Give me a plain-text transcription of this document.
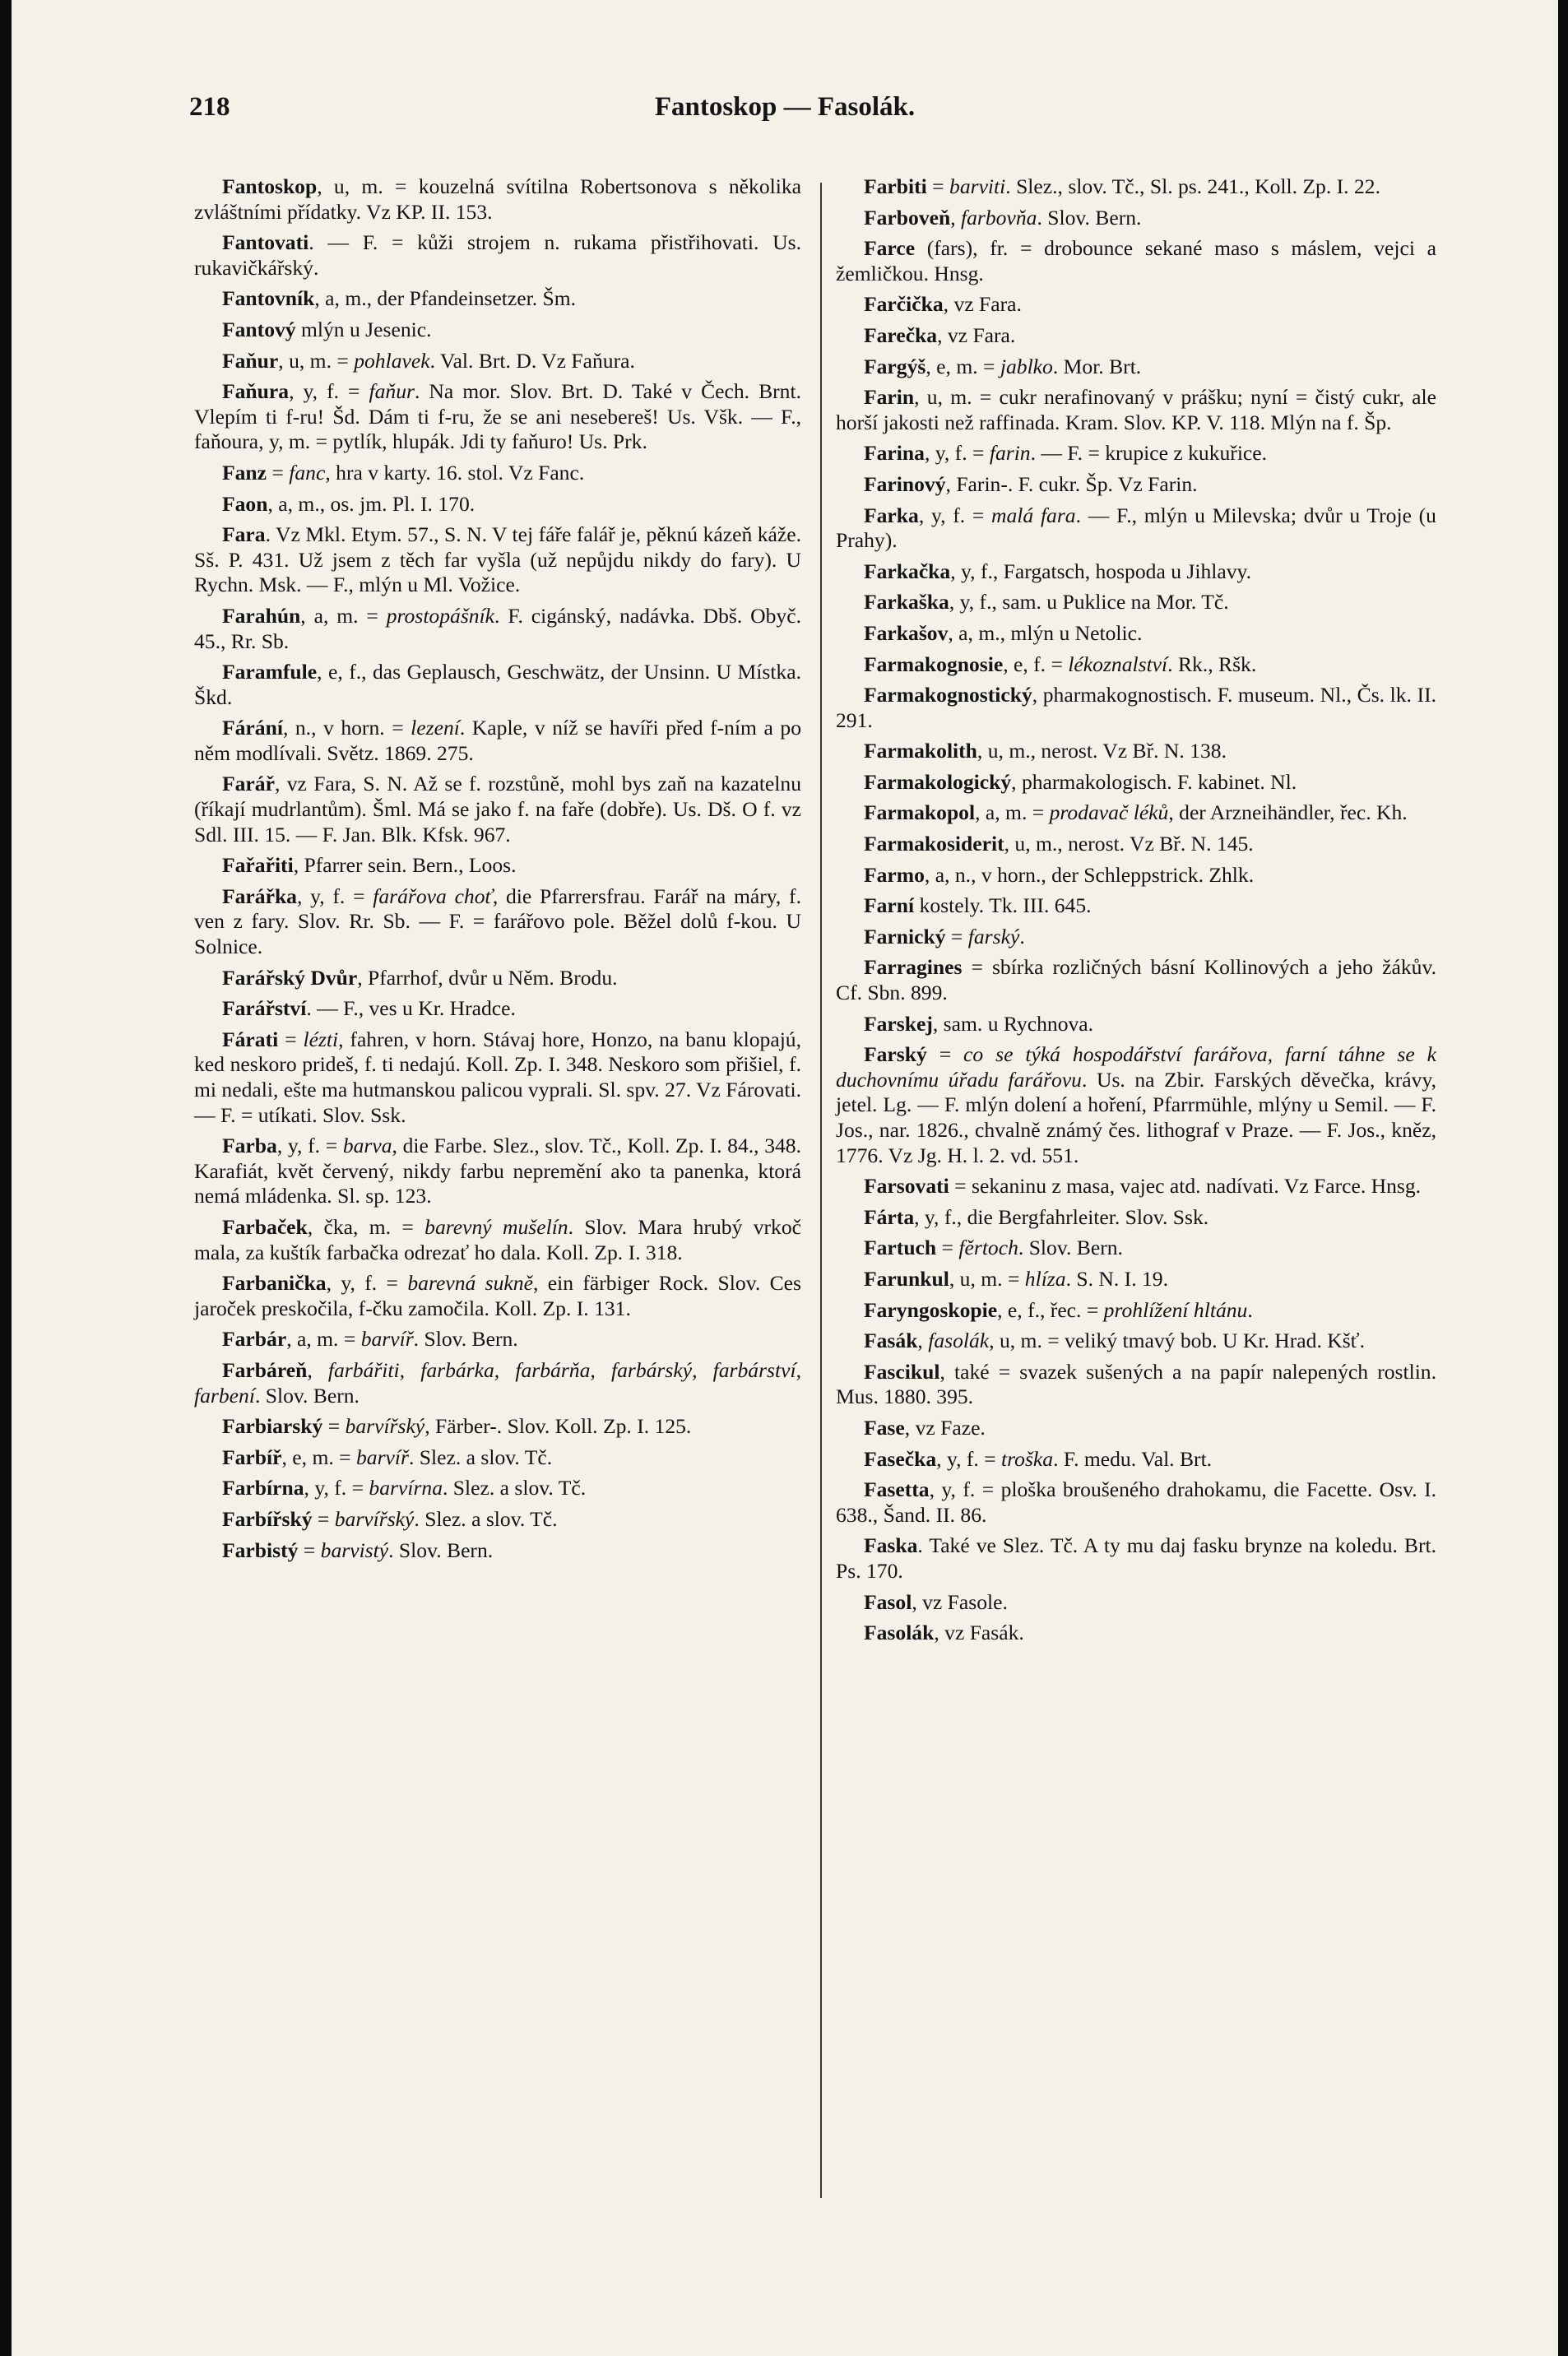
218	Fantoskop — Fasolák.

Fantoskop, u, m. = kouzelná svítilna Robertsonova s několika zvláštními přídatky. Vz KP. II. 153.

Fantovati. — F. = kůži strojem n. rukama přistřihovati. Us. rukavičkářský.

Fantovník, a, m., der Pfandeinsetzer. Šm.

Fantový mlýn u Jesenic.

Faňur, u, m. = pohlavek. Val. Brt. D. Vz Faňura.

Faňura, y, f. = faňur. Na mor. Slov. Brt. D. Také v Čech. Brnt. Vlepím ti f-ru! Šd. Dám ti f-ru, že se ani nesebereš! Us. Všk. — F., faňoura, y, m. = pytlík, hlupák. Jdi ty faňuro! Us. Prk.

Fanz = fanc, hra v karty. 16. stol. Vz Fanc.

Faon, a, m., os. jm. Pl. I. 170.

Fara. Vz Mkl. Etym. 57., S. N. V tej fáře falář je, pěknú kázeň káže. Sš. P. 431. Už jsem z těch far vyšla (už nepůjdu nikdy do fary). U Rychn. Msk. — F., mlýn u Ml. Vožice.

Farahún, a, m. = prostopášník. F. cigánský, nadávka. Dbš. Obyč. 45., Rr. Sb.

Faramfule, e, f., das Geplausch, Geschwätz, der Unsinn. U Místka. Škd.

Fárání, n., v horn. = lezení. Kaple, v níž se havíři před f-ním a po něm modlívali. Světz. 1869. 275.

Farář, vz Fara, S. N. Až se f. rozstůně, mohl bys zaň na kazatelnu (říkají mudrlantům). Šml. Má se jako f. na faře (dobře). Us. Dš. O f. vz Sdl. III. 15. — F. Jan. Blk. Kfsk. 967.

Fařařiti, Pfarrer sein. Bern., Loos.

Farářka, y, f. = farářova choť, die Pfarrersfrau. Farář na máry, f. ven z fary. Slov. Rr. Sb. — F. = farářovo pole. Běžel dolů f-kou. U Solnice.

Farářský Dvůr, Pfarrhof, dvůr u Něm. Brodu.

Farářství. — F., ves u Kr. Hradce.

Fárati = lézti, fahren, v horn. Stávaj hore, Honzo, na banu klopajú, ked neskoro prideš, f. ti nedajú. Koll. Zp. I. 348. Neskoro som přišiel, f. mi nedali, ešte ma hutmanskou palicou vyprali. Sl. spv. 27. Vz Fárovati. — F. = utíkati. Slov. Ssk.

Farba, y, f. = barva, die Farbe. Slez., slov. Tč., Koll. Zp. I. 84., 348. Karafiát, květ červený, nikdy farbu nepremění ako ta panenka, ktorá nemá mládenka. Sl. sp. 123.

Farbaček, čka, m. = barevný mušelín. Slov. Mara hrubý vrkoč mala, za kuštík farbačka odrezať ho dala. Koll. Zp. I. 318.

Farbanička, y, f. = barevná sukně, ein färbiger Rock. Slov. Ces jaroček preskočila, f-čku zamočila. Koll. Zp. I. 131.

Farbár, a, m. = barvíř. Slov. Bern.

Farbáreň, farbářiti, farbárka, farbárňa, farbárský, farbárství, farbení. Slov. Bern.

Farbiarský = barvířský, Färber-. Slov. Koll. Zp. I. 125.

Farbíř, e, m. = barvíř. Slez. a slov. Tč.

Farbírna, y, f. = barvírna. Slez. a slov. Tč.

Farbířský = barvířský. Slez. a slov. Tč.

Farbistý = barvistý. Slov. Bern.

Farbiti = barviti. Slez., slov. Tč., Sl. ps. 241., Koll. Zp. I. 22.

Farboveň, farbovňa. Slov. Bern.

Farce (fars), fr. = drobounce sekané maso s máslem, vejci a žemličkou. Hnsg.

Farčička, vz Fara.

Farečka, vz Fara.

Fargýš, e, m. = jablko. Mor. Brt.

Farin, u, m. = cukr nerafinovaný v prášku; nyní = čistý cukr, ale horší jakosti než raffinada. Kram. Slov. KP. V. 118. Mlýn na f. Šp.

Farina, y, f. = farin. — F. = krupice z kukuřice.

Farinový, Farin-. F. cukr. Šp. Vz Farin.

Farka, y, f. = malá fara. — F., mlýn u Milevska; dvůr u Troje (u Prahy).

Farkačka, y, f., Fargatsch, hospoda u Jihlavy.

Farkaška, y, f., sam. u Puklice na Mor. Tč.

Farkašov, a, m., mlýn u Netolic.

Farmakognosie, e, f. = lékoznalství. Rk., Ršk.

Farmakognostický, pharmakognostisch. F. museum. Nl., Čs. lk. II. 291.

Farmakolith, u, m., nerost. Vz Bř. N. 138.

Farmakologický, pharmakologisch. F. kabinet. Nl.

Farmakopol, a, m. = prodavač léků, der Arzneihändler, řec. Kh.

Farmakosiderit, u, m., nerost. Vz Bř. N. 145.

Farmo, a, n., v horn., der Schleppstrick. Zhlk.

Farní kostely. Tk. III. 645.

Farnický = farský.

Farragines = sbírka rozličných básní Kollinových a jeho žákův. Cf. Sbn. 899.

Farskej, sam. u Rychnova.

Farský = co se týká hospodářství farářova, farní táhne se k duchovnímu úřadu farářovu. Us. na Zbir. Farských děvečka, krávy, jetel. Lg. — F. mlýn dolení a hoření, Pfarrmühle, mlýny u Semil. — F. Jos., nar. 1826., chvalně známý čes. lithograf v Praze. — F. Jos., kněz, 1776. Vz Jg. H. l. 2. vd. 551.

Farsovati = sekaninu z masa, vajec atd. nadívati. Vz Farce. Hnsg.

Fárta, y, f., die Bergfahrleiter. Slov. Ssk.

Fartuch = fěrtoch. Slov. Bern.

Farunkul, u, m. = hlíza. S. N. I. 19.

Faryngoskopie, e, f., řec. = prohlížení hltánu.

Fasák, fasolák, u, m. = veliký tmavý bob. U Kr. Hrad. Kšť.

Fascikul, také = svazek sušených a na papír nalepených rostlin. Mus. 1880. 395.

Fase, vz Faze.

Fasečka, y, f. = troška. F. medu. Val. Brt.

Fasetta, y, f. = ploška broušeného drahokamu, die Facette. Osv. I. 638., Šand. II. 86.

Faska. Také ve Slez. Tč. A ty mu daj fasku brynze na koledu. Brt. Ps. 170.

Fasol, vz Fasole.

Fasolák, vz Fasák.
